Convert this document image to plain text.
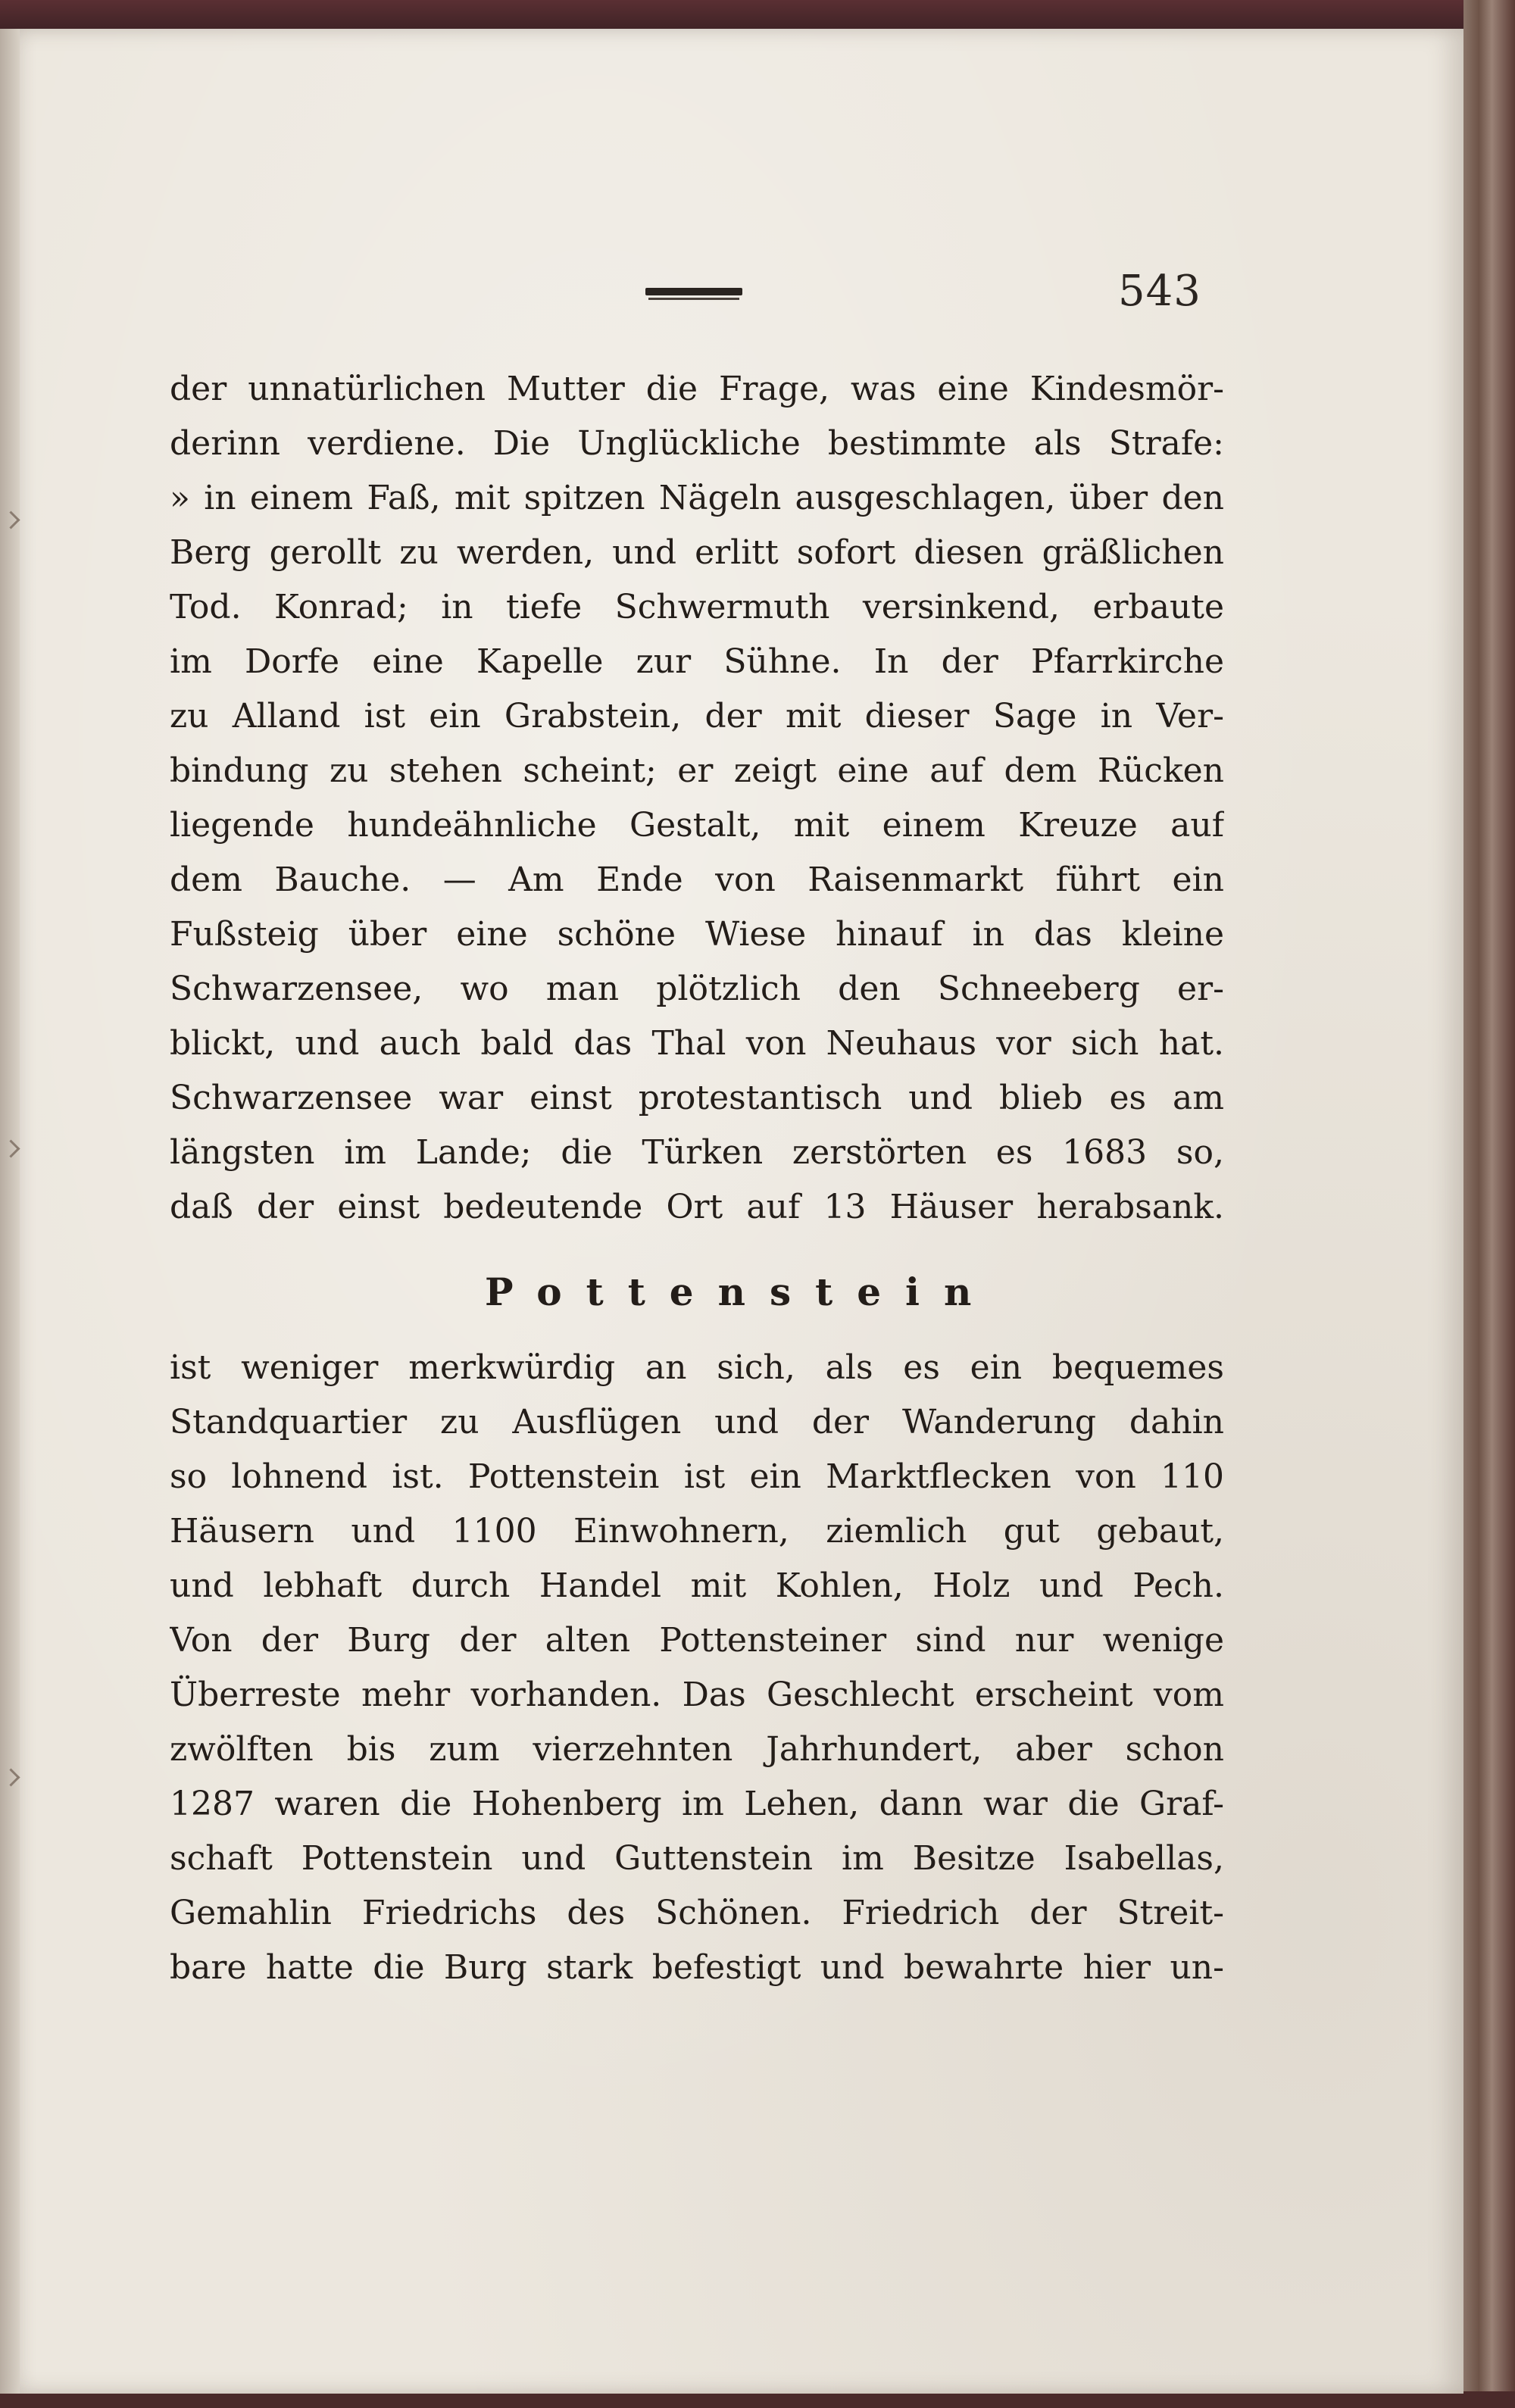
543
der unnatürlichen Mutter die Frage, was eine Kindesmör-
derinn verdiene. Die Unglückliche bestimmte als Strafe:
» in einem Faß, mit spitzen Nägeln ausgeschlagen, über den
Berg gerollt zu werden, und erlitt sofort diesen gräßlichen
Tod. Konrad; in tiefe Schwermuth versinkend, erbaute
im Dorfe eine Kapelle zur Sühne. In der Pfarrkirche
zu Alland ist ein Grabstein, der mit dieser Sage in Ver-
bindung zu stehen scheint; er zeigt eine auf dem Rücken
liegende hundeähnliche Gestalt, mit einem Kreuze auf
dem Bauche. — Am Ende von Raisenmarkt führt ein
Fußsteig über eine schöne Wiese hinauf in das kleine
Schwarzensee, wo man plötzlich den Schneeberg er-
blickt, und auch bald das Thal von Neuhaus vor sich hat.
Schwarzensee war einst protestantisch und blieb es am
längsten im Lande; die Türken zerstörten es 1683 so,
daß der einst bedeutende Ort auf 13 Häuser herabsank.
Pottenstein
ist weniger merkwürdig an sich, als es ein bequemes
Standquartier zu Ausflügen und der Wanderung dahin
so lohnend ist. Pottenstein ist ein Marktflecken von 110
Häusern und 1100 Einwohnern, ziemlich gut gebaut,
und lebhaft durch Handel mit Kohlen, Holz und Pech.
Von der Burg der alten Pottensteiner sind nur wenige
Überreste mehr vorhanden. Das Geschlecht erscheint vom
zwölften bis zum vierzehnten Jahrhundert, aber schon
1287 waren die Hohenberg im Lehen, dann war die Graf-
schaft Pottenstein und Guttenstein im Besitze Isabellas,
Gemahlin Friedrichs des Schönen. Friedrich der Streit-
bare hatte die Burg stark befestigt und bewahrte hier un-
